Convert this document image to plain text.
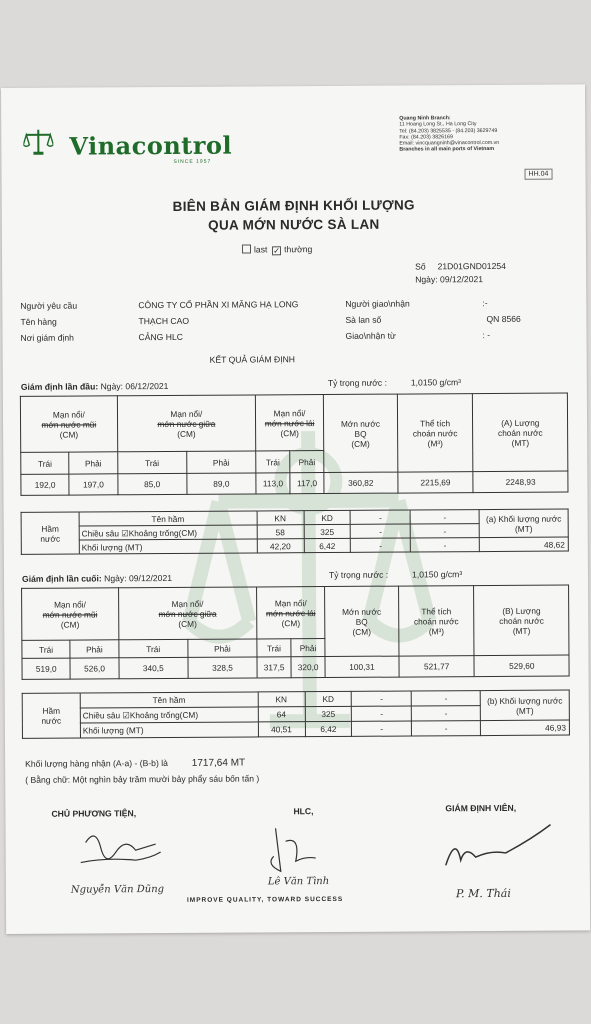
Vinacontrol
SINCE 1957
Quang Ninh Branch:
11 Hoang Long St., Ha Long City
Tel: (84.203) 3825535 - (84.203) 3629749
Fax: (84.203) 3826169
Email: vincquangninh@vinacontrol.com.vn
Branches in all main ports of Vietnam
HH.04
BIÊN BẢN GIÁM ĐỊNH KHỐI LƯỢNG
QUA MỚN NƯỚC SÀ LAN
last ✓ thường
Số 21D01GND01254
Ngày: 09/12/2021
Người yêu cầu	CÔNG TY CỔ PHẦN XI MĂNG HẠ LONG
Tên hàng	THẠCH CAO
Nơi giám định	CẢNG HLC
Người giao\nhận	:-
Sà lan số	QN 8566
Giao\nhận từ	: -
KẾT QUẢ GIÁM ĐỊNH
Giám định lần đầu: Ngày: 06/12/2021	Tỷ trọng nước :	1,0150 g/cm³
Mạn nổi/
mớn nước mũi
(CM)		Mạn nổi/
mớn nước giữa
(CM)		Mạn nổi/
mớn nước lái
(CM)		Mớn nước
BQ
(CM)	Thể tích
choán nước
(M³)	(A) Lượng
choán nước
(MT)
Trái	Phải	Trái	Phải	Trái	Phải			
192,0	197,0	85,0	89,0	113,0	117,0	360,82	2215,69	2248,93
Hầm
nước	Tên hầm	KN	KD	-	-	(a) Khối lượng nước (MT)
	Chiều sâu ☑Khoảng trống(CM)	58	325	-	-	
	Khối lượng (MT)	42,20	6,42	-	-	48,62
Giám định lần cuối: Ngày: 09/12/2021	Tỷ trọng nước :	1,0150 g/cm³
Mạn nổi/
mớn nước mũi
(CM)		Mạn nổi/
mớn nước giữa
(CM)		Mạn nổi/
mớn nước lái
(CM)		Mớn nước
BQ
(CM)	Thể tích
choán nước
(M³)	(B) Lượng
choán nước
(MT)
Trái	Phải	Trái	Phải	Trái	Phải			
519,0	526,0	340,5	328,5	317,5	320,0	100,31	521,77	529,60
Hầm
nước	Tên hầm	KN	KD	-	-	(b) Khối lượng nước (MT)
	Chiều sâu ☑Khoảng trống(CM)	64	325	-	-	
	Khối lượng (MT)	40,51	6,42	-	-	46,93
Khối lượng hàng nhận (A-a) - (B-b) là 1717,64 MT
( Bằng chữ: Một nghìn bảy trăm mười bảy phẩy sáu bốn tấn )
CHỦ PHƯƠNG TIỆN,	HLC,	GIÁM ĐỊNH VIÊN,
Nguyễn Văn Dũng
Lê Văn Tình
P. M. Thái
IMPROVE QUALITY, TOWARD SUCCESS
